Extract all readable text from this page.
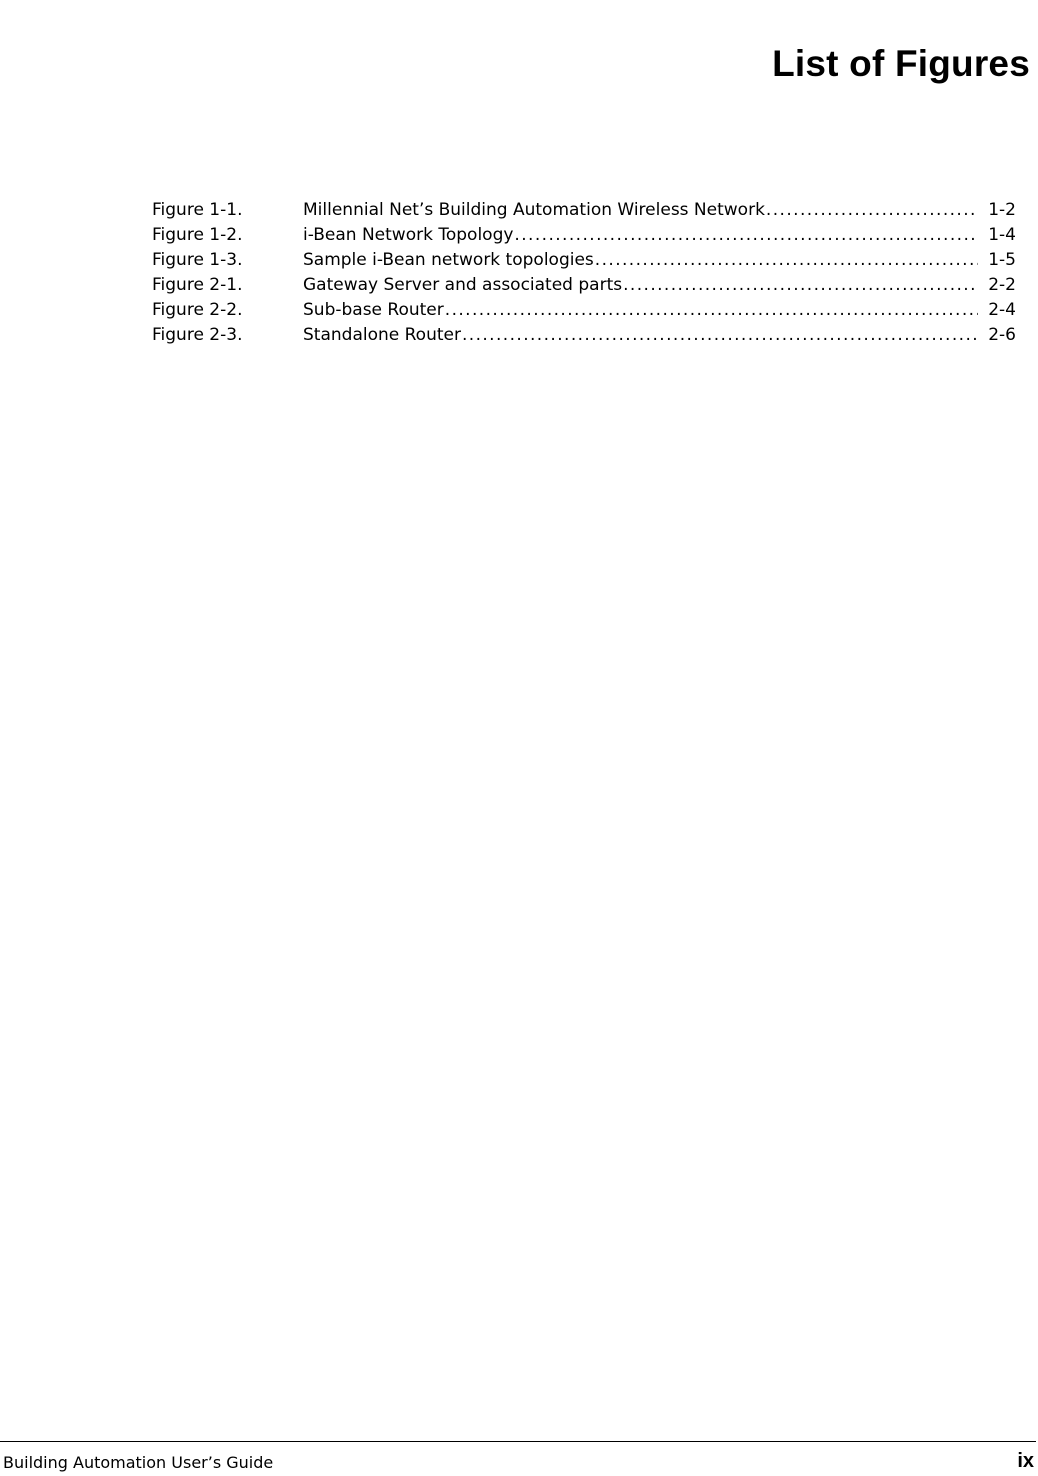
List of Figures
Figure 1-1.	Millennial Net’s Building Automation Wireless Network .....	1-2
Figure 1-2.	i-Bean Network Topology .....	1-4
Figure 1-3.	Sample i-Bean network topologies .....	1-5
Figure 2-1.	Gateway Server and associated parts .....	2-2
Figure 2-2.	Sub-base Router .....	2-4
Figure 2-3.	Standalone Router .....	2-6
Building Automation User’s Guide	ix
